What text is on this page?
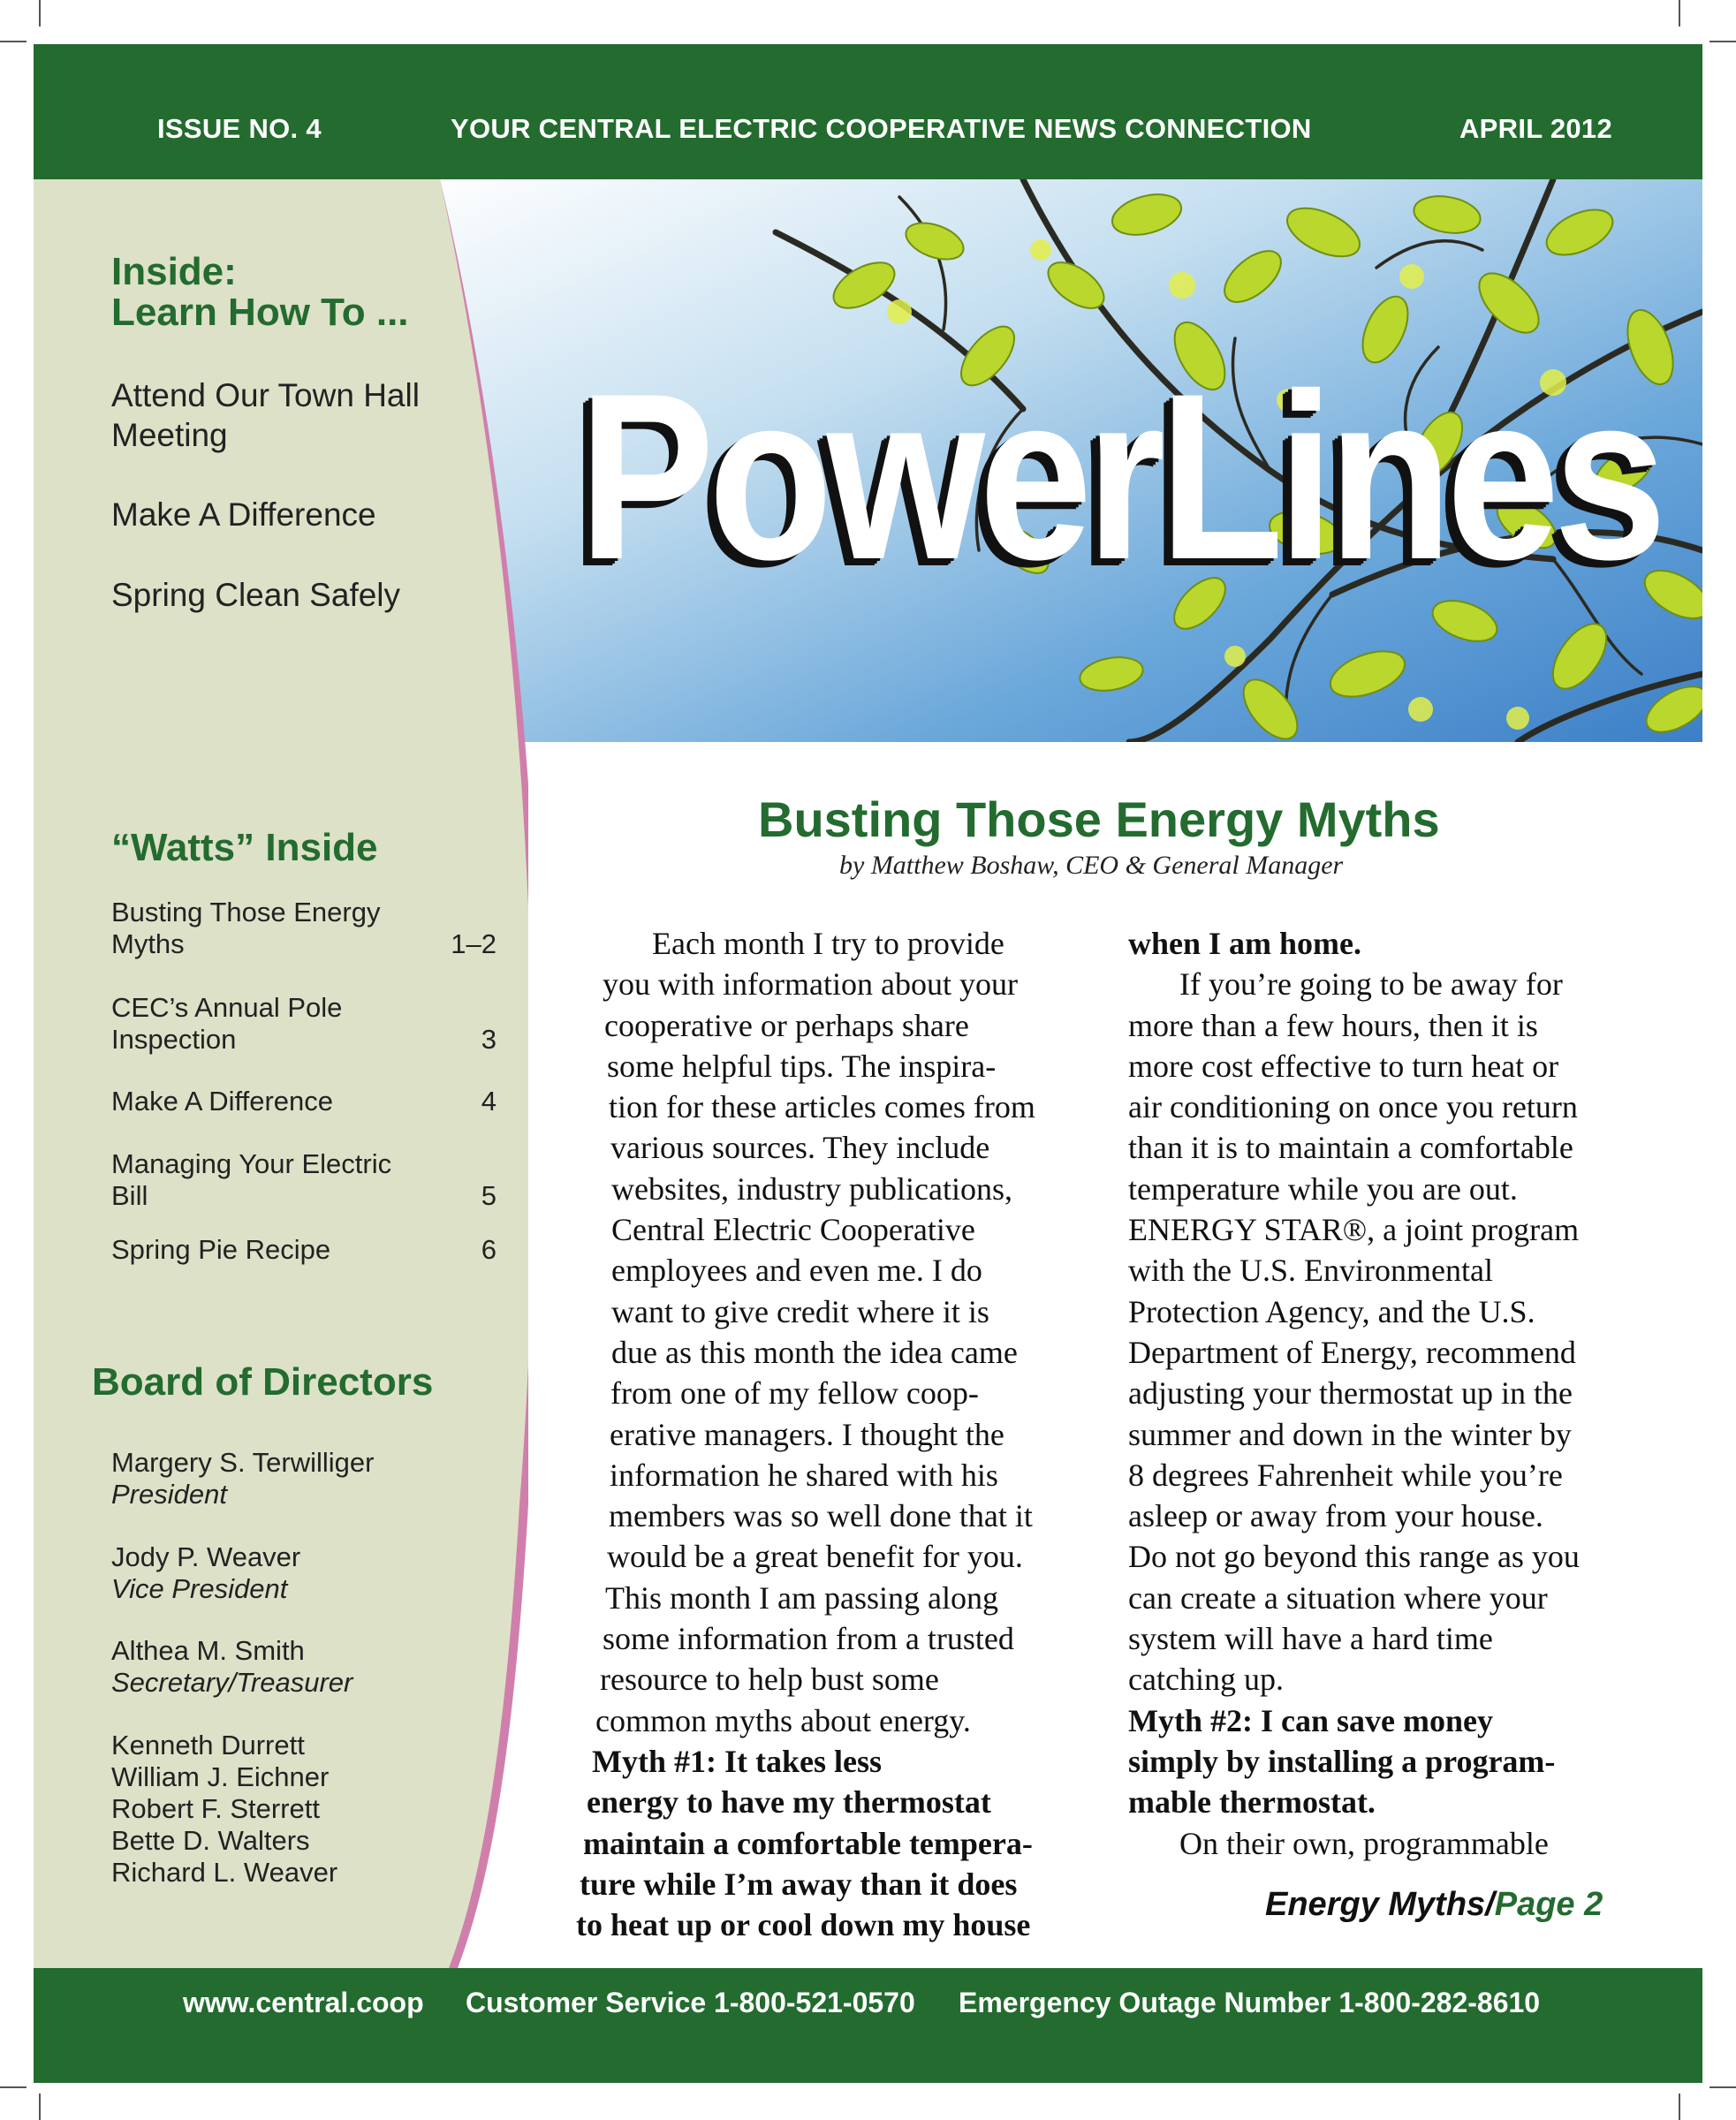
ISSUE NO. 4	YOUR CENTRAL ELECTRIC COOPERATIVE NEWS CONNECTION	APRIL 2012
PowerLines
Inside:
Learn How To ...
Attend Our Town Hall Meeting
Make A Difference
Spring Clean Safely
“Watts” Inside
Busting Those Energy Myths	1–2
CEC’s Annual Pole Inspection	3
Make A Difference	4
Managing Your Electric Bill	5
Spring Pie Recipe	6
Board of Directors
Margery S. Terwilliger
President
Jody P. Weaver
Vice President
Althea M. Smith
Secretary/Treasurer
Kenneth Durrett
William J. Eichner
Robert F. Sterrett
Bette D. Walters
Richard L. Weaver
Busting Those Energy Myths
by Matthew Boshaw, CEO & General Manager

Each month I try to provide

you with information about your

cooperative or perhaps share

some helpful tips. The inspira-

tion for these articles comes from

various sources. They include

websites, industry publications,

Central Electric Cooperative

employees and even me. I do

want to give credit where it is

due as this month the idea came

from one of my fellow coop-

erative managers. I thought the

information he shared with his

members was so well done that it

would be a great benefit for you.

This month I am passing along

some information from a trusted

resource to help bust some

common myths about energy.

Myth #1: It takes less

energy to have my thermostat

maintain a comfortable tempera-

ture while I’m away than it does

to heat up or cool down my house

when I am home.

If you’re going to be away for

more than a few hours, then it is

more cost effective to turn heat or

air conditioning on once you return

than it is to maintain a comfortable

temperature while you are out.

ENERGY STAR®, a joint program

with the U.S. Environmental

Protection Agency, and the U.S.

Department of Energy, recommend

adjusting your thermostat up in the

summer and down in the winter by

8 degrees Fahrenheit while you’re

asleep or away from your house.

Do not go beyond this range as you

can create a situation where your

system will have a hard time

catching up.

Myth #2: I can save money

simply by installing a program-

mable thermostat.

On their own, programmable

Energy Myths/Page 2
www.central.coop Customer Service 1-800-521-0570 Emergency Outage Number 1-800-282-8610
